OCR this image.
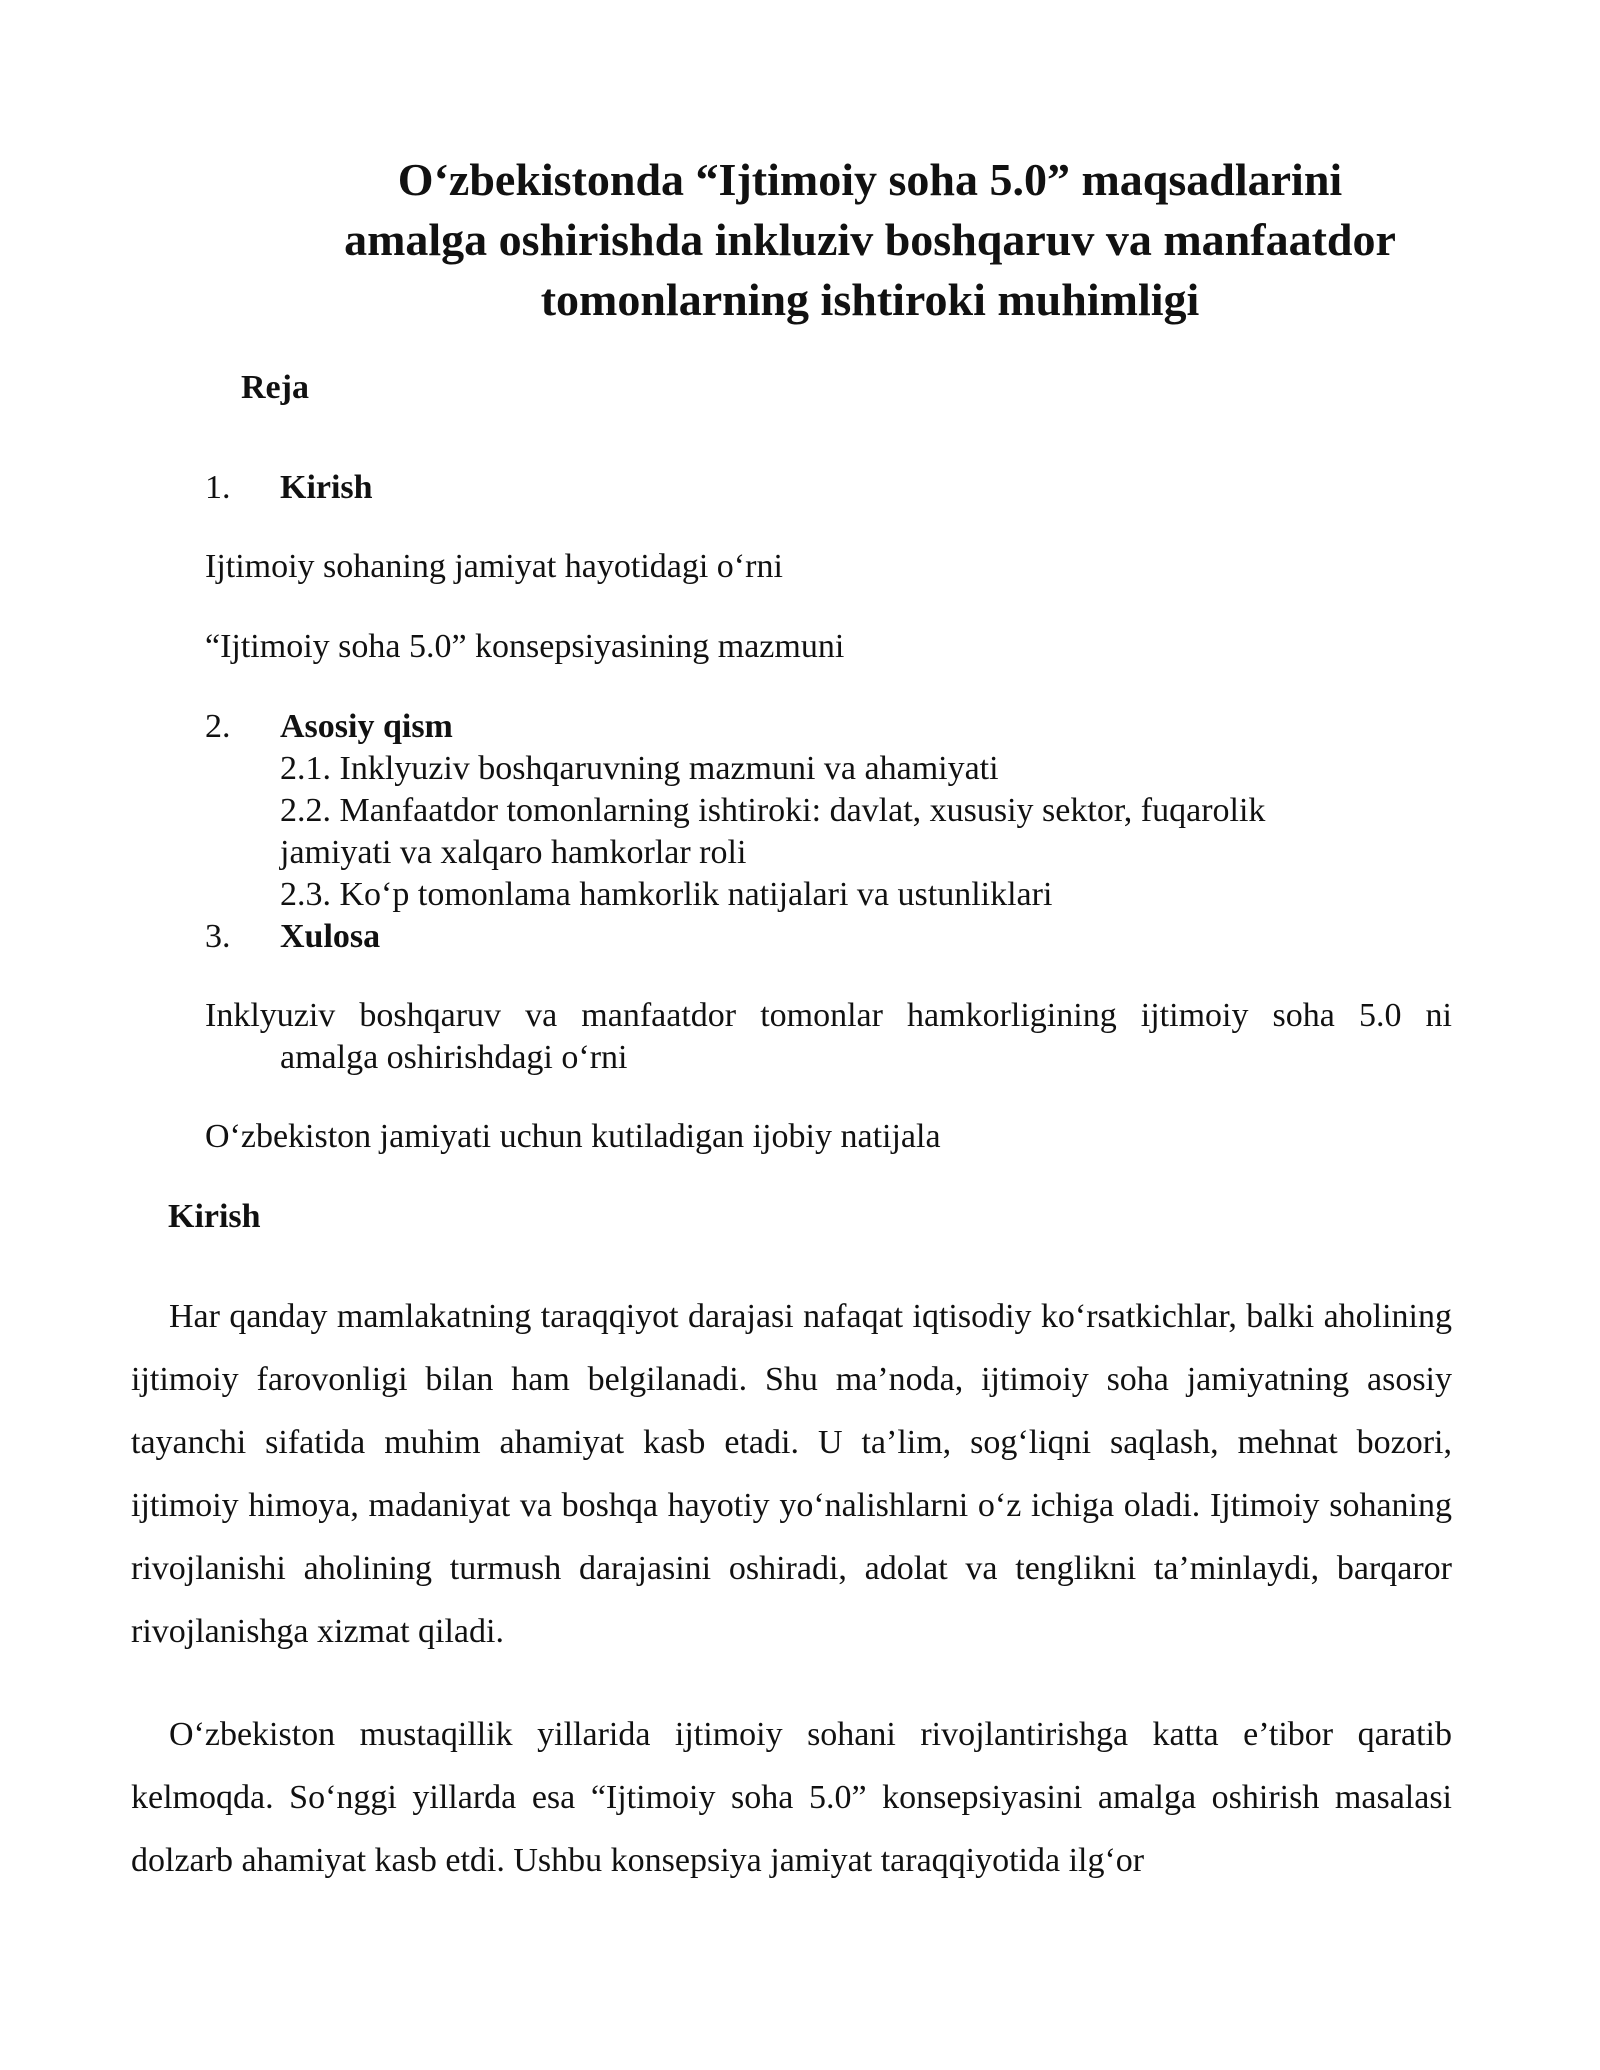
O‘zbekistonda “Ijtimoiy soha 5.0” maqsadlarini
amalga oshirishda inkluziv boshqaruv va manfaatdor
tomonlarning ishtiroki muhimligi
Reja
1. Kirish
Ijtimoiy sohaning jamiyat hayotidagi o‘rni
“Ijtimoiy soha 5.0” konsepsiyasining mazmuni
2. Asosiy qism
2.1. Inklyuziv boshqaruvning mazmuni va ahamiyati
2.2. Manfaatdor tomonlarning ishtiroki: davlat, xususiy sektor, fuqarolik
jamiyati va xalqaro hamkorlar roli
2.3. Ko‘p tomonlama hamkorlik natijalari va ustunliklari
3. Xulosa
Inklyuziv boshqaruv va manfaatdor tomonlar hamkorligining ijtimoiy soha 5.0 ni
amalga oshirishdagi o‘rni
O‘zbekiston jamiyati uchun kutiladigan ijobiy natijala
Kirish

Har qanday mamlakatning taraqqiyot darajasi nafaqat iqtisodiy ko‘rsatkichlar, balki aholining ijtimoiy farovonligi bilan ham belgilanadi. Shu ma’noda, ijtimoiy soha jamiyatning asosiy tayanchi sifatida muhim ahamiyat kasb etadi. U ta’lim, sog‘liqni saqlash, mehnat bozori, ijtimoiy himoya, madaniyat va boshqa hayotiy yo‘nalishlarni o‘z ichiga oladi. Ijtimoiy sohaning rivojlanishi aholining turmush darajasini oshiradi, adolat va tenglikni ta’minlaydi, barqaror rivojlanishga xizmat qiladi.

O‘zbekiston mustaqillik yillarida ijtimoiy sohani rivojlantirishga katta e’tibor qaratib kelmoqda. So‘nggi yillarda esa “Ijtimoiy soha 5.0” konsepsiyasini amalga oshirish masalasi dolzarb ahamiyat kasb etdi. Ushbu konsepsiya jamiyat taraqqiyotida ilg‘or
